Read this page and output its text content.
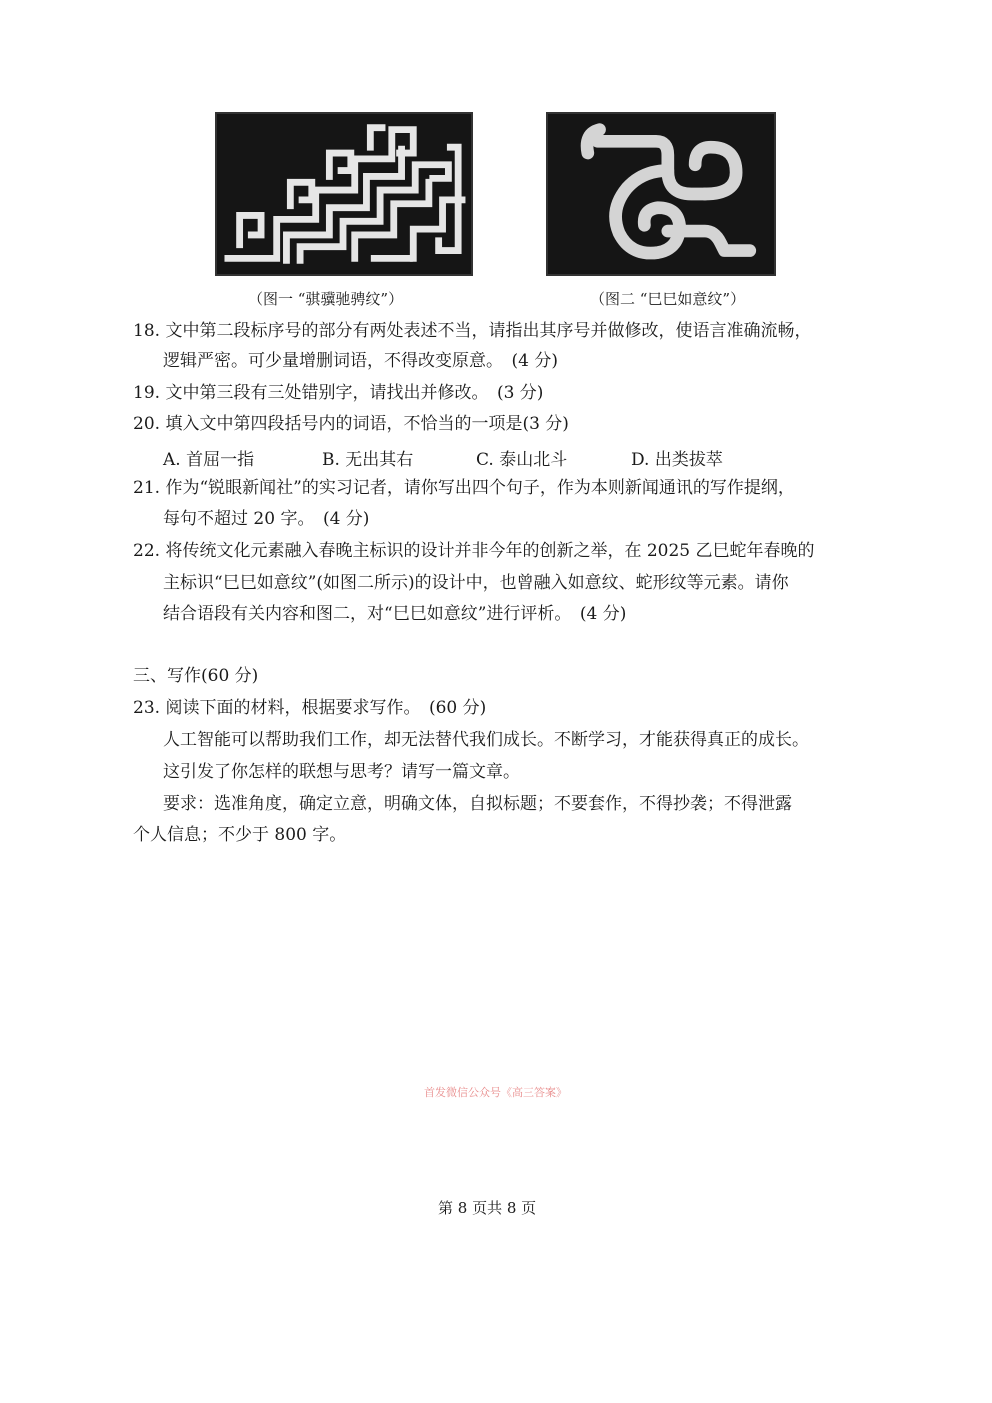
（图一 “骐骥驰骋纹”）	（图二 “巳巳如意纹”）
18. 文中第二段标序号的部分有两处表述不当，请指出其序号并做修改，使语言准确流畅，
逻辑严密。可少量增删词语，不得改变原意。　(4 分)
19. 文中第三段有三处错别字，请找出并修改。　(3 分)
20. 填入文中第四段括号内的词语，不恰当的一项是(3 分)
A. 首屈一指	B. 无出其右	C. 泰山北斗	D. 出类拔萃
21. 作为“锐眼新闻社”的实习记者，请你写出四个句子，作为本则新闻通讯的写作提纲，
每句不超过 20 字。　(4 分)
22. 将传统文化元素融入春晚主标识的设计并非今年的创新之举，在 2025 乙巳蛇年春晚的
主标识“巳巳如意纹”(如图二所示)的设计中，也曾融入如意纹、蛇形纹等元素。请你
结合语段有关内容和图二，对“巳巳如意纹”进行评析。　(4 分)
三、写作(60 分)
23. 阅读下面的材料，根据要求写作。　(60 分)
人工智能可以帮助我们工作，却无法替代我们成长。不断学习，才能获得真正的成长。
这引发了你怎样的联想与思考？请写一篇文章。
要求：选准角度，确定立意，明确文体，自拟标题；不要套作，不得抄袭；不得泄露
个人信息；不少于 800 字。
首发微信公众号《高三答案》
第 8 页共 8 页
